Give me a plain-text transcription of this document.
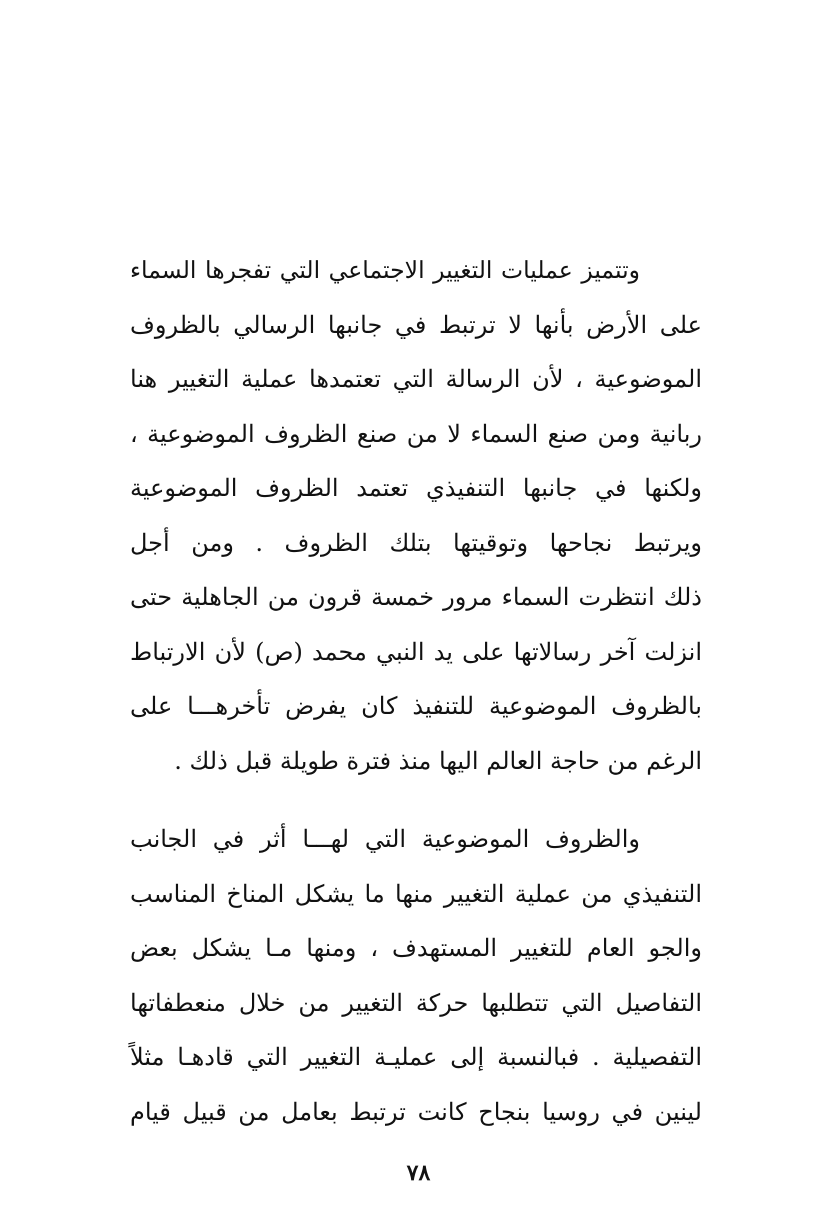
وتتميز عمليات التغيير الاجتماعي التي تفجرها السماء
على الأرض بأنها لا ترتبط في جانبها الرسالي بالظروف
الموضوعية ، لأن الرسالة التي تعتمدها عملية التغيير هنا
ربانية ومن صنع السماء لا من صنع الظروف الموضوعية ،
ولكنها في جانبها التنفيذي تعتمد الظروف الموضوعية
ويرتبط نجاحها وتوقيتها بتلك الظروف . ومن أجل
ذلك انتظرت السماء مرور خمسة قرون من الجاهلية حتى
انزلت آخر رسالاتها على يد النبي محمد (ص) لأن الارتباط
بالظروف الموضوعية للتنفيذ كان يفرض تأخرهـــا على
الرغم من حاجة العالم اليها منذ فترة طويلة قبل ذلك .
والظروف الموضوعية التي لهـــا أثر في الجانب
التنفيذي من عملية التغيير منها ما يشكل المناخ المناسب
والجو العام للتغيير المستهدف ، ومنها مـا يشكل بعض
التفاصيل التي تتطلبها حركة التغيير من خلال منعطفاتها
التفصيلية . فبالنسبة إلى عمليـة التغيير التي قادهـا مثلاً
لينين في روسيا بنجاح كانت ترتبط بعامل من قبيل قيام
٧٨
